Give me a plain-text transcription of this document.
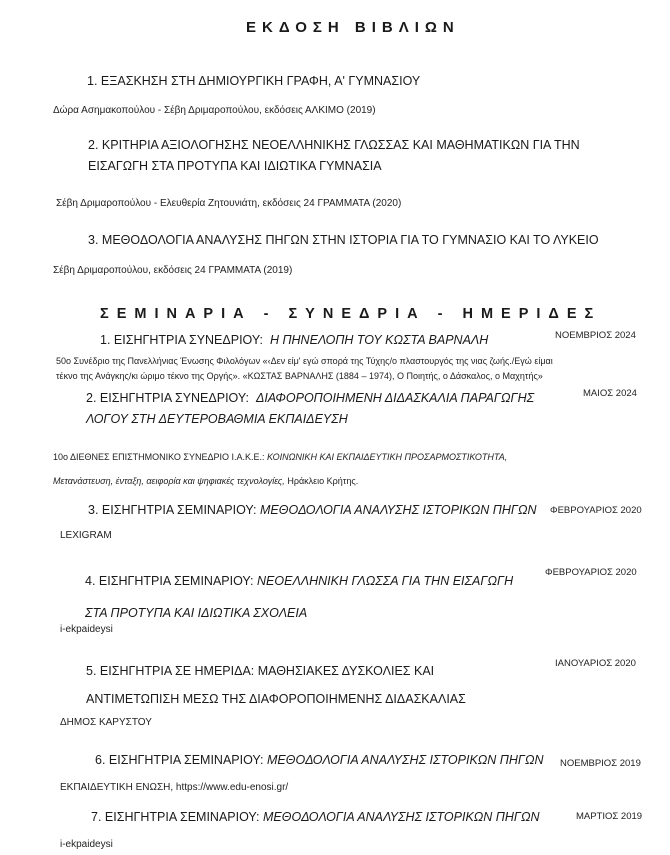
ΕΚΔΟΣΗ ΒΙΒΛΙΩΝ
1. ΕΞΑΣΚΗΣΗ ΣΤΗ ΔΗΜΙΟΥΡΓΙΚΗ ΓΡΑΦΗ, Α' ΓΥΜΝΑΣΙΟΥ
Δώρα Ασημακοπούλου - Σέβη Δριμαροπούλου, εκδόσεις ΑΛΚΙΜΟ (2019)
2. ΚΡΙΤΗΡΙΑ ΑΞΙΟΛΟΓΗΣΗΣ ΝΕΟΕΛΛΗΝΙΚΗΣ ΓΛΩΣΣΑΣ ΚΑΙ ΜΑΘΗΜΑΤΙΚΩΝ ΓΙΑ ΤΗΝ
ΕΙΣΑΓΩΓΗ ΣΤΑ ΠΡΟΤΥΠΑ ΚΑΙ ΙΔΙΩΤΙΚΑ ΓΥΜΝΑΣΙΑ
Σέβη Δριμαροπούλου - Ελευθερία Ζητουνιάτη, εκδόσεις 24 ΓΡΑΜΜΑΤΑ (2020)
3. ΜΕΘΟΔΟΛΟΓΙΑ ΑΝΑΛΥΣΗΣ ΠΗΓΩΝ ΣΤΗΝ ΙΣΤΟΡΙΑ ΓΙΑ ΤΟ ΓΥΜΝΑΣΙΟ ΚΑΙ ΤΟ ΛΥΚΕΙΟ
Σέβη Δριμαροπούλου, εκδόσεις 24 ΓΡΑΜΜΑΤΑ (2019)
ΣΕΜΙΝΑΡΙΑ - ΣΥΝΕΔΡΙΑ - ΗΜΕΡΙΔΕΣ
1. ΕΙΣΗΓΗΤΡΙΑ ΣΥΝΕΔΡΙΟΥ: Η ΠΗΝΕΛΟΠΗ ΤΟΥ ΚΩΣΤΑ ΒΑΡΝΑΛΗ	ΝΟΕΜΒΡΙΟΣ 2024
50ο Συνέδριο της Πανελλήνιας Ένωσης Φιλολόγων «‹Δεν είμ' εγώ σπορά της Τύχης/ο πλαστουργός της νιας ζωής./Εγώ είμαι
τέκνο της Ανάγκης/κι ώριμο τέκνο της Οργής». «ΚΩΣΤΑΣ ΒΑΡΝΑΛΗΣ (1884 – 1974), Ο Ποιητής, ο Δάσκαλος, ο Μαχητής»
2. ΕΙΣΗΓΗΤΡΙΑ ΣΥΝΕΔΡΙΟΥ: ΔΙΑΦΟΡΟΠΟΙΗΜΕΝΗ ΔΙΔΑΣΚΑΛΙΑ ΠΑΡΑΓΩΓΗΣ
ΛΟΓΟΥ ΣΤΗ ΔΕΥΤΕΡΟΒΑΘΜΙΑ ΕΚΠΑΙΔΕΥΣΗ
ΜΑΙΟΣ 2024
10ο ΔΙΕΘΝΕΣ ΕΠΙΣΤΗΜΟΝΙΚΟ ΣΥΝΕΔΡΙΟ Ι.Α.Κ.Ε.: ΚΟΙΝΩΝΙΚΗ ΚΑΙ ΕΚΠΑΙΔΕΥΤΙΚΗ ΠΡΟΣΑΡΜΟΣΤΙΚΟΤΗΤΑ,
Μετανάστευση, ένταξη, αειφορία και ψηφιακές τεχνολογίες, Ηράκλειο Κρήτης.
3. ΕΙΣΗΓΗΤΡΙΑ ΣΕΜΙΝΑΡΙΟΥ: ΜΕΘΟΔΟΛΟΓΙΑ ΑΝΑΛΥΣΗΣ ΙΣΤΟΡΙΚΩΝ ΠΗΓΩΝ ΦΕΒΡΟΥΑΡΙΟΣ 2020
LEXIGRAM
4. ΕΙΣΗΓΗΤΡΙΑ ΣΕΜΙΝΑΡΙΟΥ: ΝΕΟΕΛΛΗΝΙΚΗ ΓΛΩΣΣΑ ΓΙΑ ΤΗΝ ΕΙΣΑΓΩΓΗ
ΣΤΑ ΠΡΟΤΥΠΑ ΚΑΙ ΙΔΙΩΤΙΚΑ ΣΧΟΛΕΙΑ
ΦΕΒΡΟΥΑΡΙΟΣ 2020
i-ekpaideysi
5. ΕΙΣΗΓΗΤΡΙΑ ΣΕ ΗΜΕΡΙΔΑ: ΜΑΘΗΣΙΑΚΕΣ ΔΥΣΚΟΛΙΕΣ ΚΑΙ
ΑΝΤΙΜΕΤΩΠΙΣΗ ΜΕΣΩ ΤΗΣ ΔΙΑΦΟΡΟΠΟΙΗΜΕΝΗΣ ΔΙΔΑΣΚΑΛΙΑΣ
ΙΑΝΟΥΑΡΙΟΣ 2020
ΔΗΜΟΣ ΚΑΡΥΣΤΟΥ
6. ΕΙΣΗΓΗΤΡΙΑ ΣΕΜΙΝΑΡΙΟΥ: ΜΕΘΟΔΟΛΟΓΙΑ ΑΝΑΛΥΣΗΣ ΙΣΤΟΡΙΚΩΝ ΠΗΓΩΝ ΝΟΕΜΒΡΙΟΣ 2019
ΕΚΠΑΙΔΕΥΤΙΚΗ ΕΝΩΣΗ, https://www.edu-enosi.gr/
7. ΕΙΣΗΓΗΤΡΙΑ ΣΕΜΙΝΑΡΙΟΥ: ΜΕΘΟΔΟΛΟΓΙΑ ΑΝΑΛΥΣΗΣ ΙΣΤΟΡΙΚΩΝ ΠΗΓΩΝ	ΜΑΡΤΙΟΣ 2019
i-ekpaideysi
